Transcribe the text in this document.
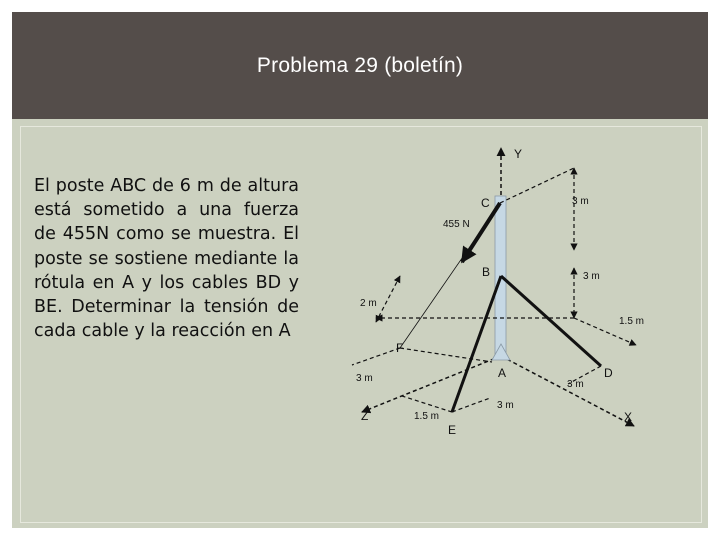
Problema 29 (boletín)

El poste ABC de 6 m de altura está sometido a una fuerza de 455N como se muestra. El poste se sostiene mediante la rótula en A y los cables BD y BE. Determinar la tensión de cada cable y la reacción en A

Y
C
455 N
3 m
B	3 m
2 m
1.5 m
F
A	D
3 m
3 m
3 m
Z	1.5 m	X
E
